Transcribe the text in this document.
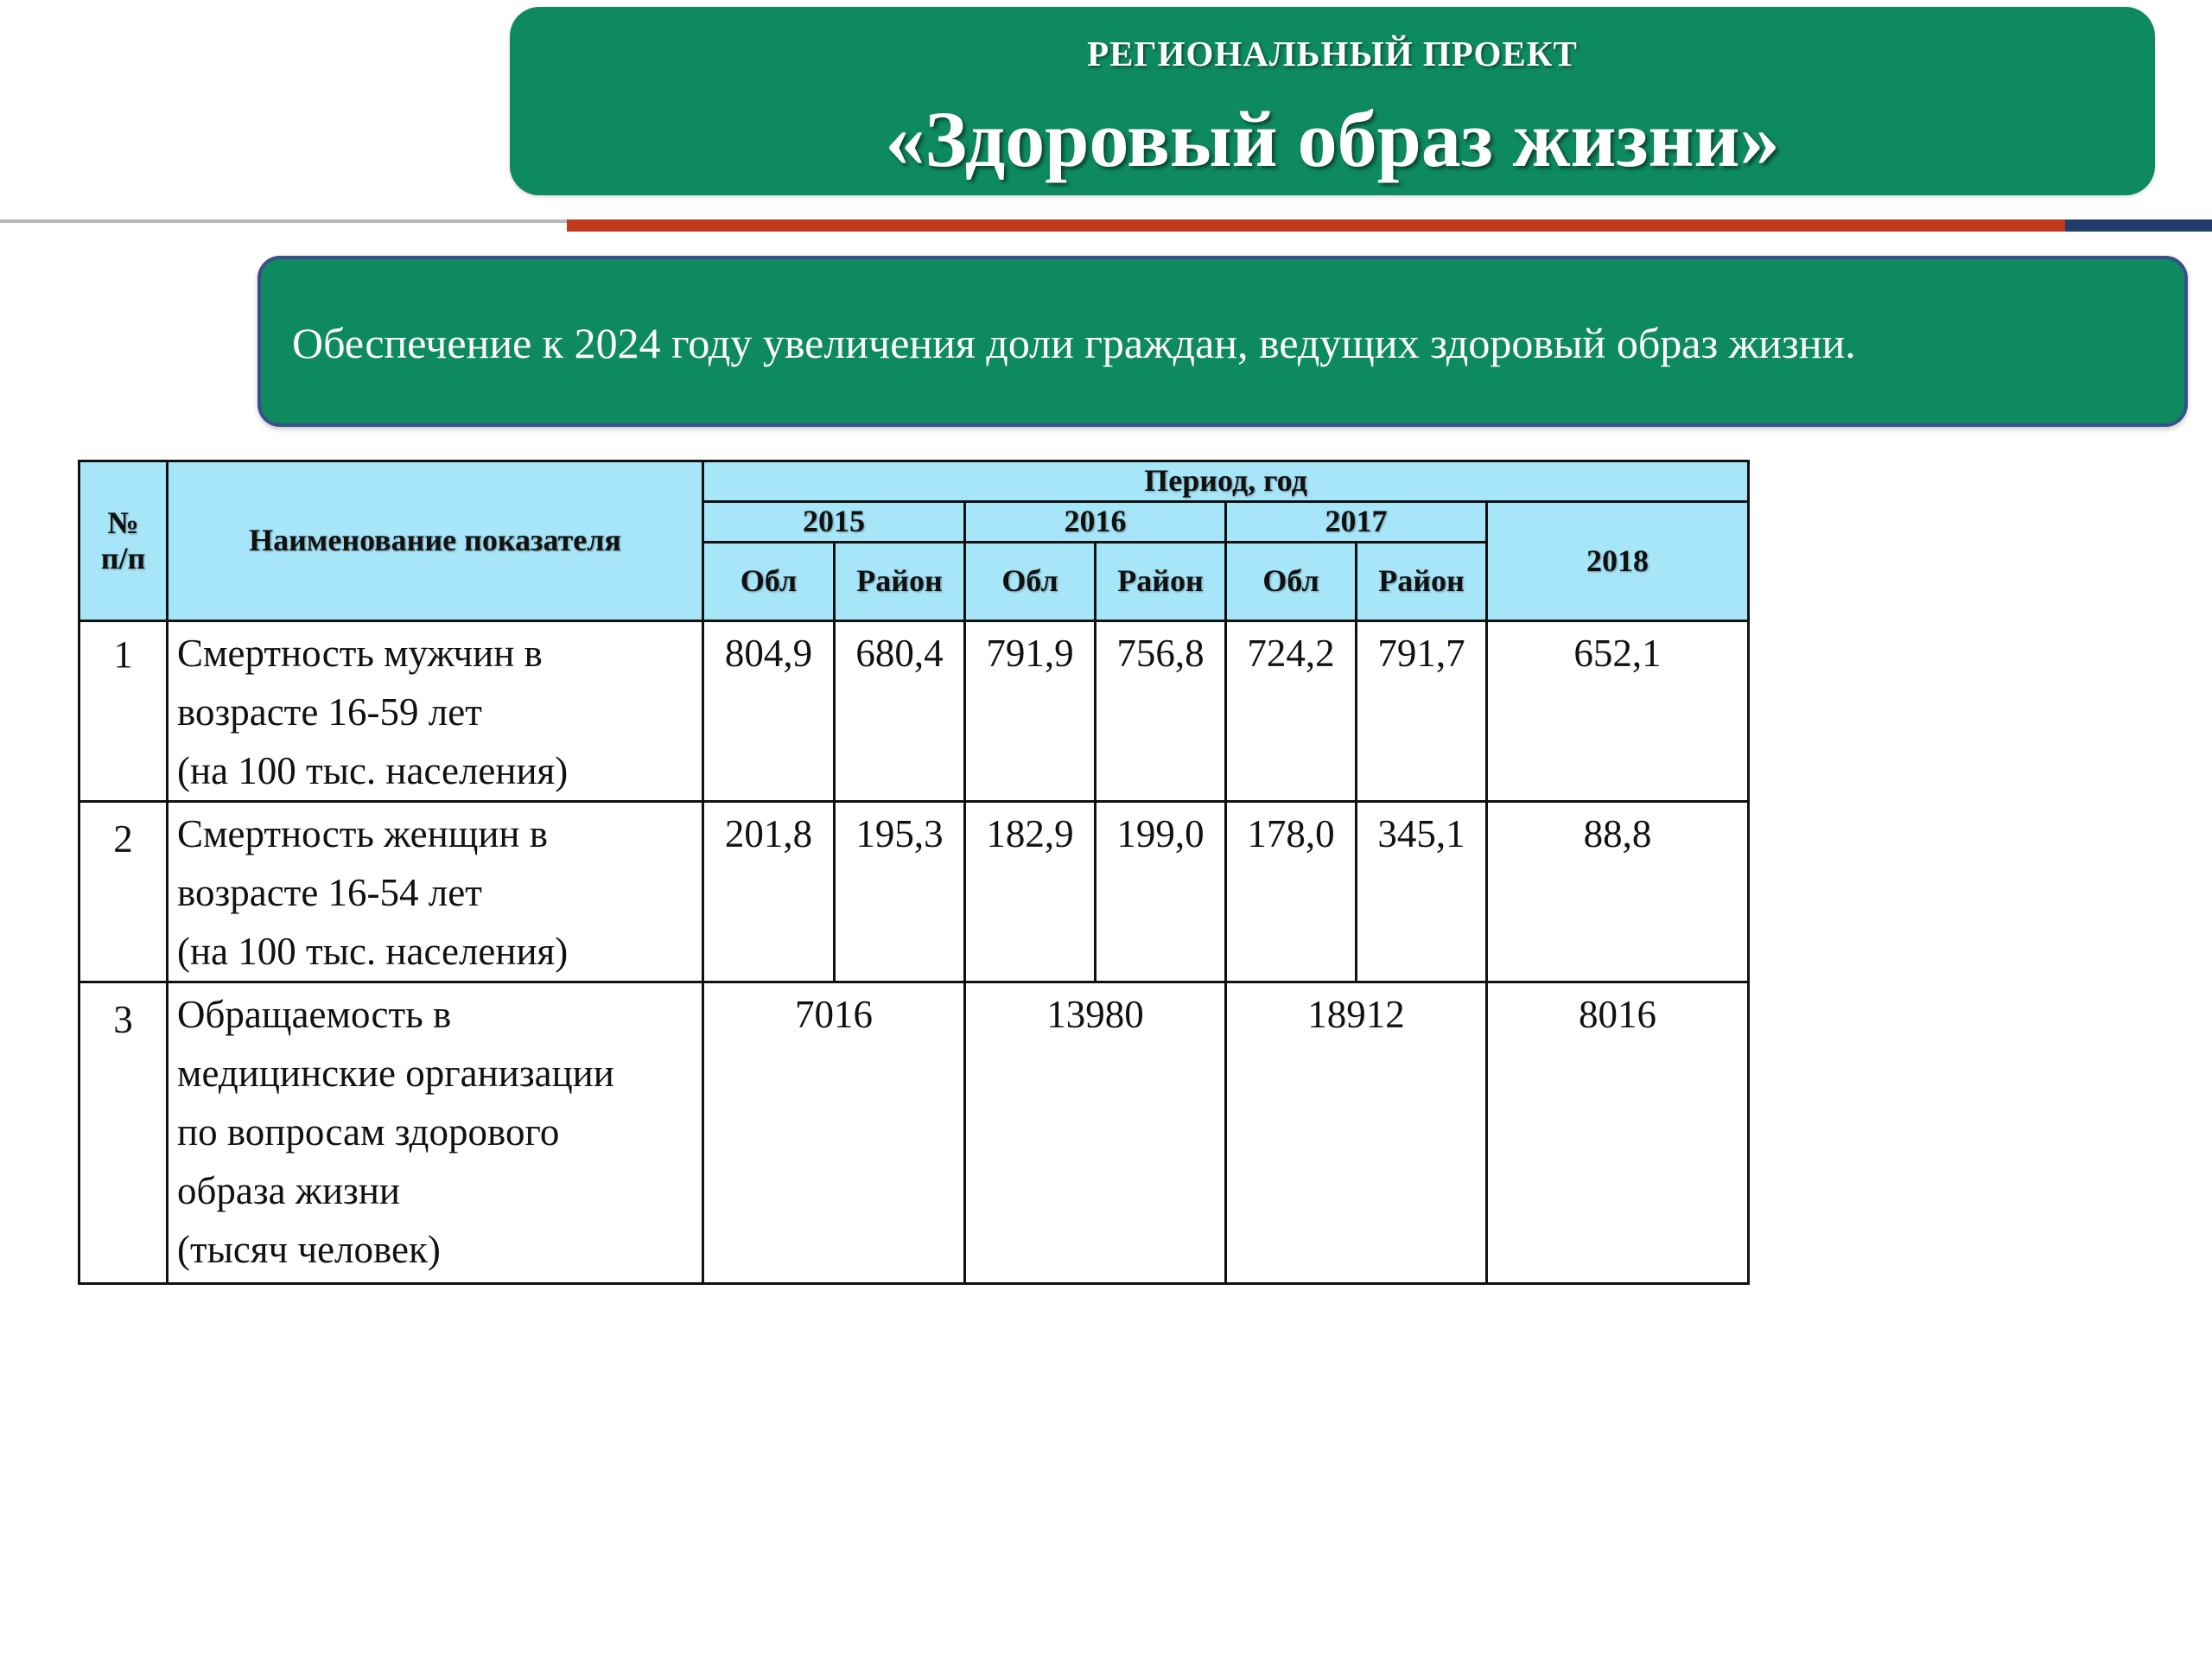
РЕГИОНАЛЬНЫЙ ПРОЕКТ
«Здоровый образ жизни»
Обеспечение к 2024 году увеличения доли граждан, ведущих здоровый образ жизни.
№ п/п	Наименование показателя	Период, год						
		2015		2016		2017		2018
		Обл	Район	Обл	Район	Обл	Район	
1	Смертность мужчин в
возрасте 16-59 лет
(на 100 тыс. населения)	804,9	680,4	791,9	756,8	724,2	791,7	652,1
2	Смертность женщин в
возрасте 16-54 лет
(на 100 тыс. населения)	201,8	195,3	182,9	199,0	178,0	345,1	88,8
3	Обращаемость в
медицинские организации
по вопросам здорового
образа жизни
(тысяч человек)	7016		13980		18912		8016
